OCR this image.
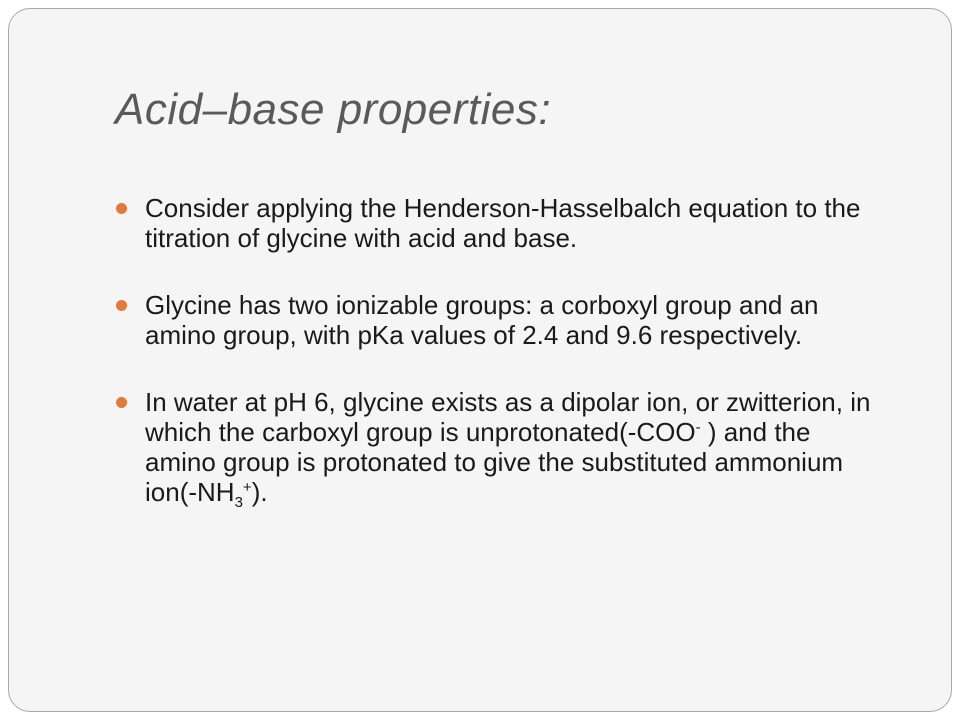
Acid–base properties:
Consider applying the Henderson-Hasselbalch equation to the titration of glycine with acid and base.
Glycine has two ionizable groups: a corboxyl group and an amino group, with pKa values of 2.4 and 9.6 respectively.
In water at pH 6, glycine exists as a dipolar ion, or zwitterion, in which the carboxyl group is unprotonated(-COO- ) and the amino group is protonated to give the substituted ammonium $ion(-NH_3^+)$.
